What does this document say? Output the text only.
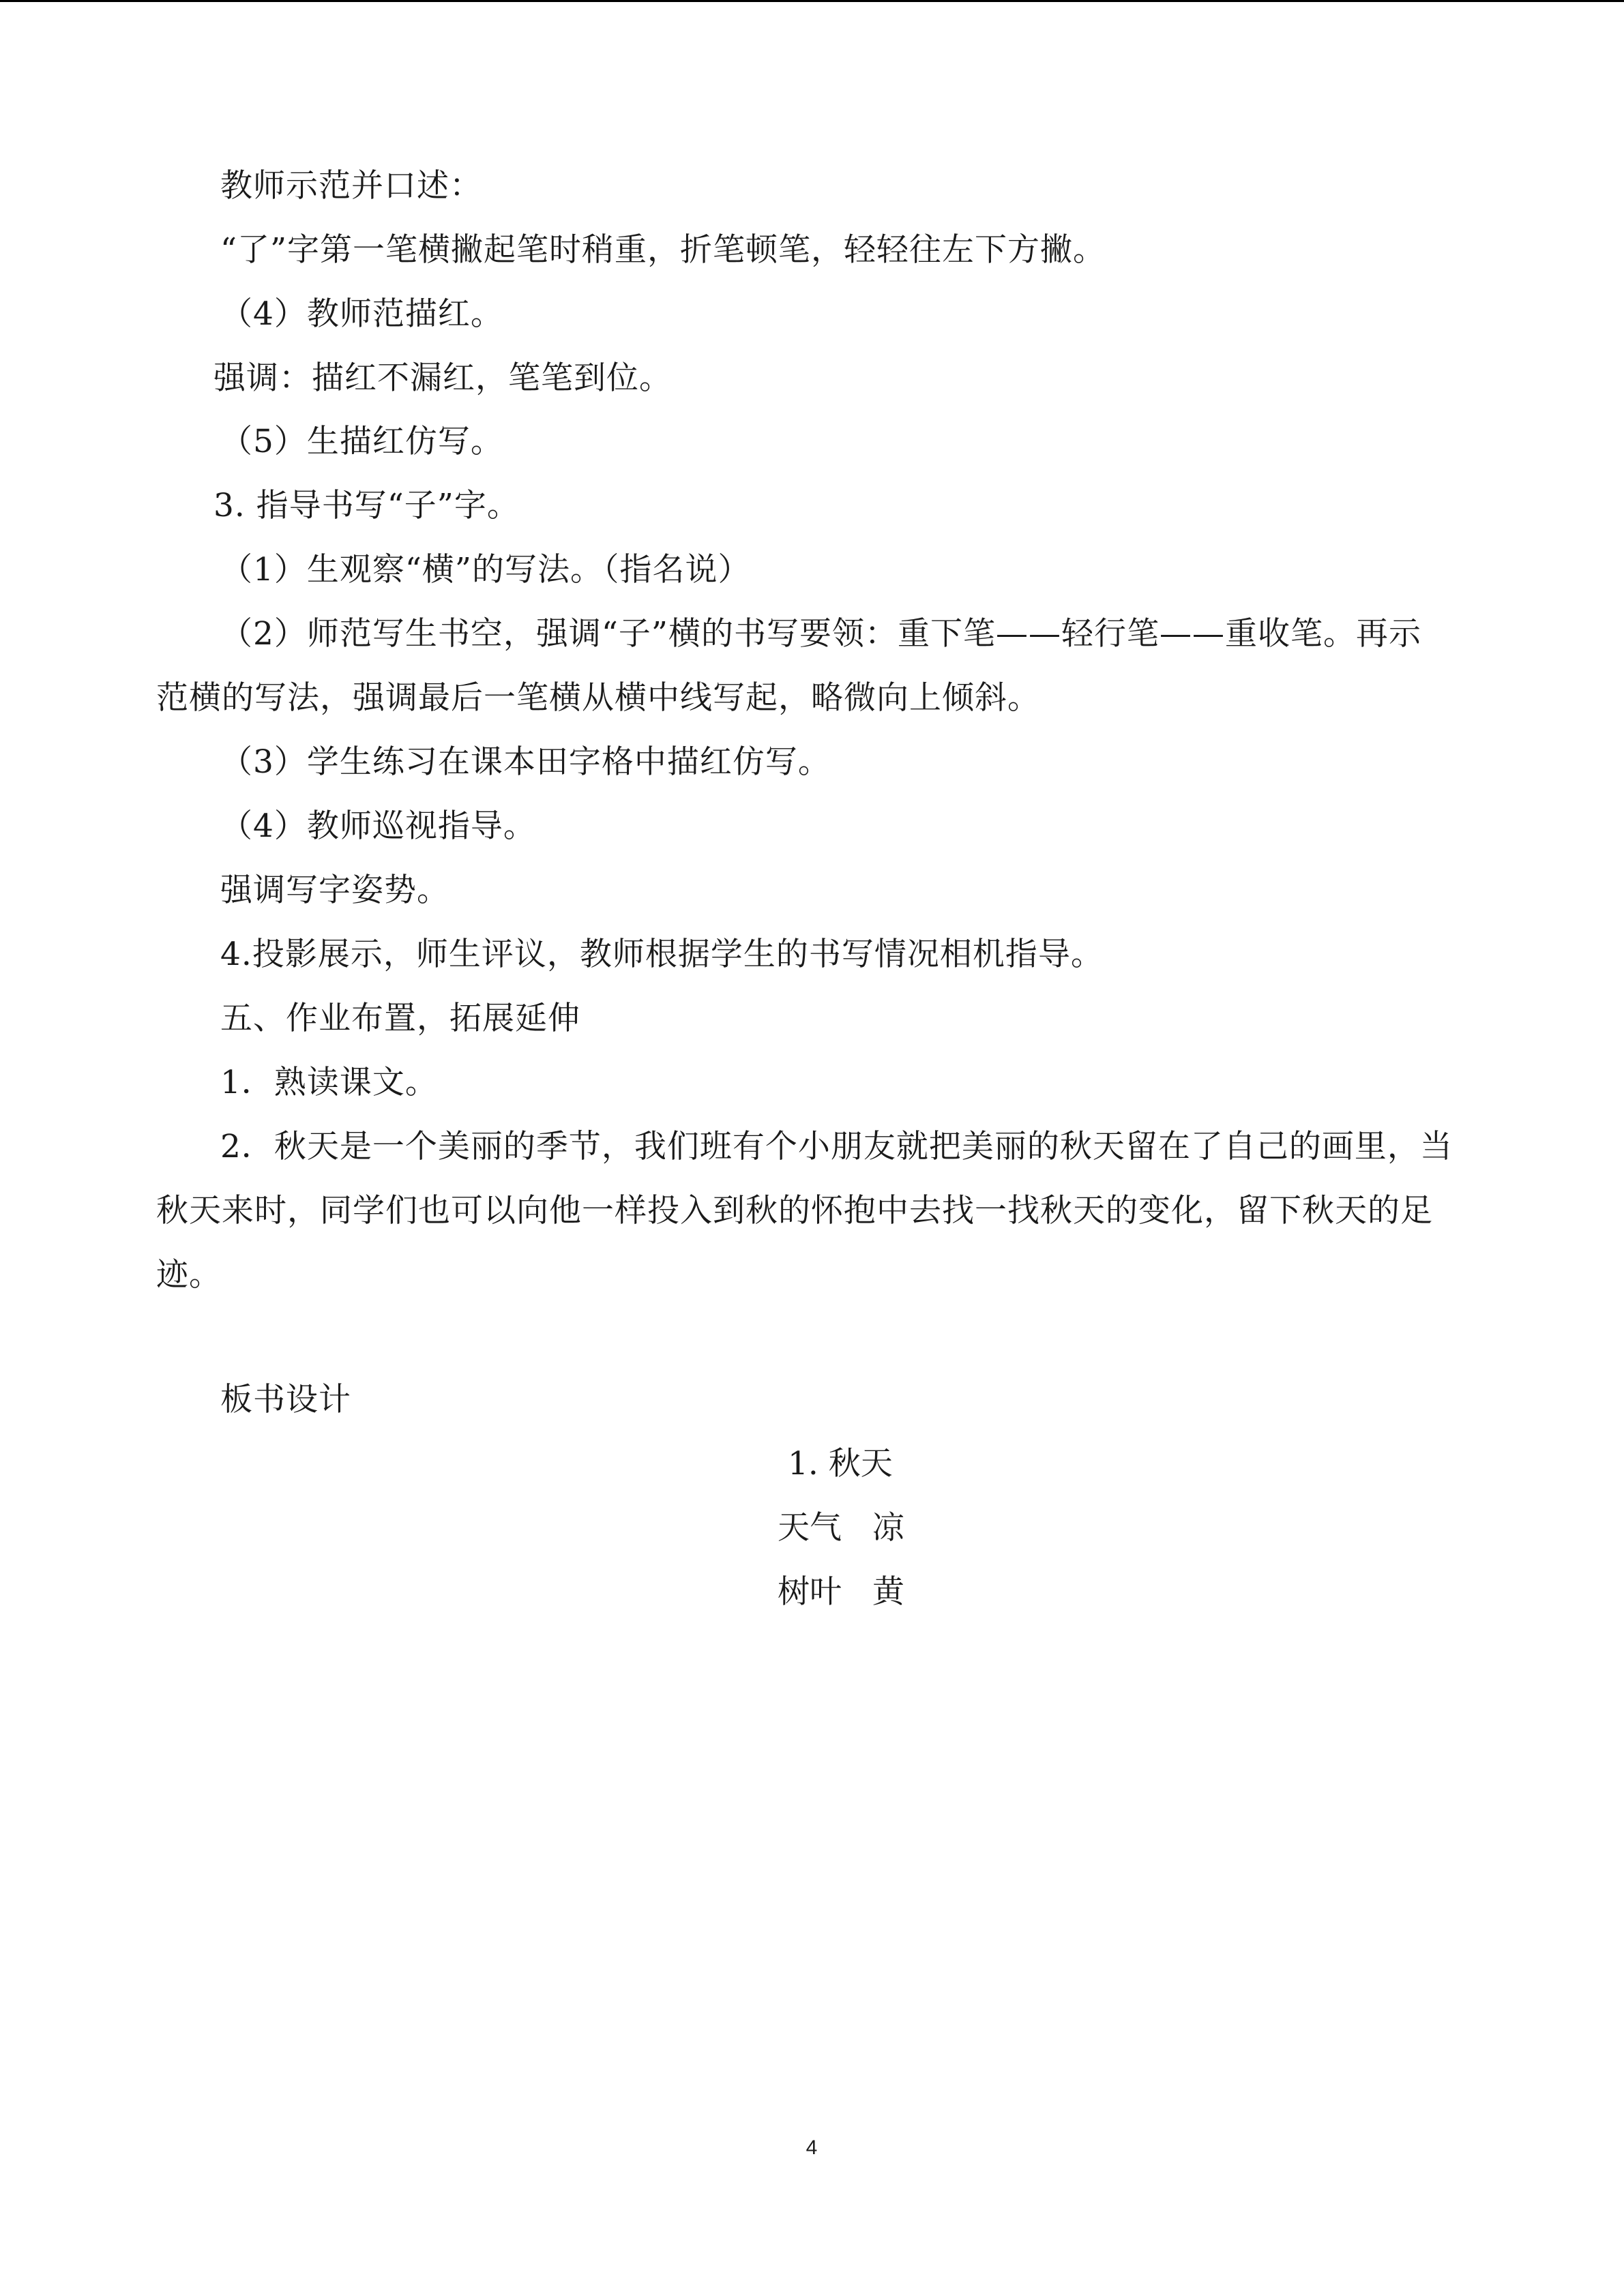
教师示范并口述：
“了”字第一笔横撇起笔时稍重，折笔顿笔，轻轻往左下方撇。
（4）教师范描红。
强调：描红不漏红，笔笔到位。
（5）生描红仿写。
3. 指导书写“子”字。
（1）生观察“横”的写法。（指名说）
（2）师范写生书空，强调“子”横的书写要领：重下笔——轻行笔——重收笔。再示
范横的写法，强调最后一笔横从横中线写起，略微向上倾斜。
（3）学生练习在课本田字格中描红仿写。
（4）教师巡视指导。
强调写字姿势。
4.投影展示，师生评议，教师根据学生的书写情况相机指导。
五、作业布置，拓展延伸
1．熟读课文。
2．秋天是一个美丽的季节，我们班有个小朋友就把美丽的秋天留在了自己的画里，当
秋天来时，同学们也可以向他一样投入到秋的怀抱中去找一找秋天的变化，留下秋天的足
迹。
板书设计
1. 秋天
天气   凉
树叶   黄
4
